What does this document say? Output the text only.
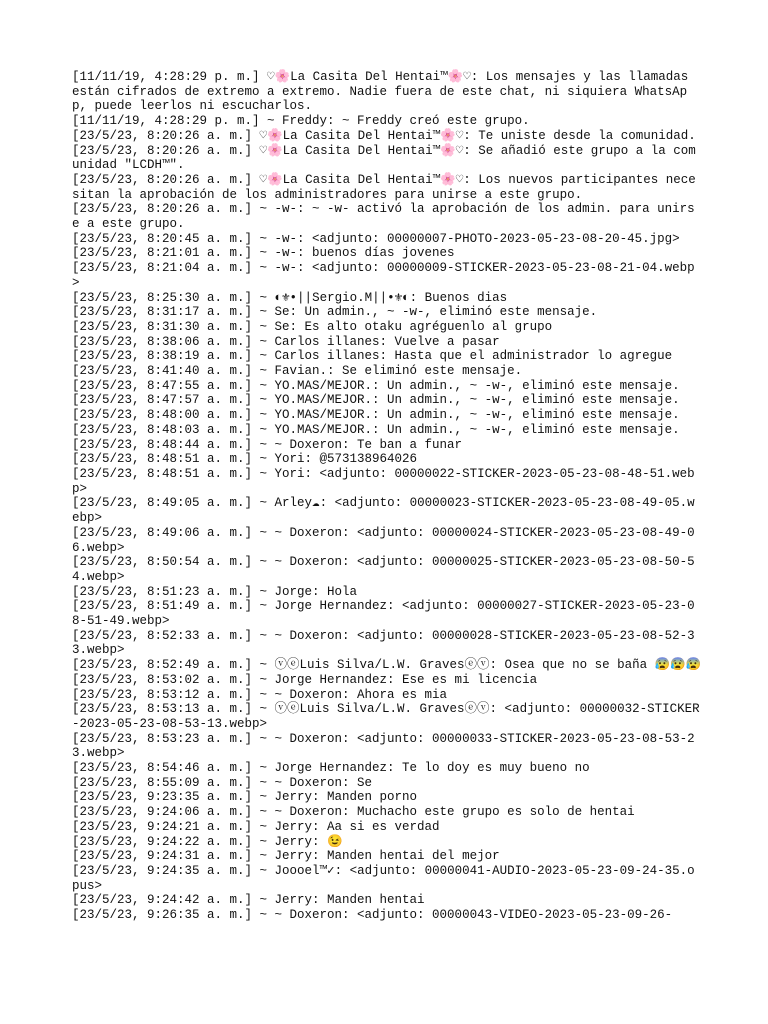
[11/11/19, 4:28:29 p. m.] ♡🌸La Casita Del Hentai™🌸♡: Los mensajes y las llamadas están cifrados de extremo a extremo. Nadie fuera de este chat, ni siquiera WhatsApp, puede leerlos ni escucharlos.

[11/11/19, 4:28:29 p. m.] ~ Freddy: ~ Freddy creó este grupo.

[23/5/23, 8:20:26 a. m.] ♡🌸La Casita Del Hentai™🌸♡: Te uniste desde la comunidad.

[23/5/23, 8:20:26 a. m.] ♡🌸La Casita Del Hentai™🌸♡: Se añadió este grupo a la comunidad "LCDH™".

[23/5/23, 8:20:26 a. m.] ♡🌸La Casita Del Hentai™🌸♡: Los nuevos participantes necesitan la aprobación de los administradores para unirse a este grupo.

[23/5/23, 8:20:26 a. m.] ~ -w-: ~ -w- activó la aprobación de los admin. para unirse a este grupo.

[23/5/23, 8:20:45 a. m.] ~ -w-: <adjunto: 00000007-PHOTO-2023-05-23-08-20-45.jpg>

[23/5/23, 8:21:01 a. m.] ~ -w-: buenos días jovenes

[23/5/23, 8:21:04 a. m.] ~ -w-: <adjunto: 00000009-STICKER-2023-05-23-08-21-04.webp>

[23/5/23, 8:25:30 a. m.] ~ ◐⚜•||Sergio.M||•⚜◐: Buenos dias

[23/5/23, 8:31:17 a. m.] ~ Se: Un admin., ~ -w-, eliminó este mensaje.

[23/5/23, 8:31:30 a. m.] ~ Se: Es alto otaku agréguenlo al grupo

[23/5/23, 8:38:06 a. m.] ~ Carlos illanes: Vuelve a pasar

[23/5/23, 8:38:19 a. m.] ~ Carlos illanes: Hasta que el administrador lo agregue

[23/5/23, 8:41:40 a. m.] ~ Favian.: Se eliminó este mensaje.

[23/5/23, 8:47:55 a. m.] ~ YO.MAS/MEJOR.: Un admin., ~ -w-, eliminó este mensaje.

[23/5/23, 8:47:57 a. m.] ~ YO.MAS/MEJOR.: Un admin., ~ -w-, eliminó este mensaje.

[23/5/23, 8:48:00 a. m.] ~ YO.MAS/MEJOR.: Un admin., ~ -w-, eliminó este mensaje.

[23/5/23, 8:48:03 a. m.] ~ YO.MAS/MEJOR.: Un admin., ~ -w-, eliminó este mensaje.

[23/5/23, 8:48:44 a. m.] ~ ~ Doxeron: Te ban a funar

[23/5/23, 8:48:51 a. m.] ~ Yori: @573138964026

[23/5/23, 8:48:51 a. m.] ~ Yori: <adjunto: 00000022-STICKER-2023-05-23-08-48-51.webp>

[23/5/23, 8:49:05 a. m.] ~ Arley☁: <adjunto: 00000023-STICKER-2023-05-23-08-49-05.webp>

[23/5/23, 8:49:06 a. m.] ~ ~ Doxeron: <adjunto: 00000024-STICKER-2023-05-23-08-49-06.webp>

[23/5/23, 8:50:54 a. m.] ~ ~ Doxeron: <adjunto: 00000025-STICKER-2023-05-23-08-50-54.webp>

[23/5/23, 8:51:23 a. m.] ~ Jorge: Hola

[23/5/23, 8:51:49 a. m.] ~ Jorge Hernandez: <adjunto: 00000027-STICKER-2023-05-23-08-51-49.webp>

[23/5/23, 8:52:33 a. m.] ~ ~ Doxeron: <adjunto: 00000028-STICKER-2023-05-23-08-52-33.webp>

[23/5/23, 8:52:49 a. m.] ~ ⓥⓔLuis Silva/L.W. Gravesⓔⓥ: Osea que no se baña 😰😰😰

[23/5/23, 8:53:02 a. m.] ~ Jorge Hernandez: Ese es mi licencia

[23/5/23, 8:53:12 a. m.] ~ ~ Doxeron: Ahora es mia

[23/5/23, 8:53:13 a. m.] ~ ⓥⓔLuis Silva/L.W. Gravesⓔⓥ: <adjunto: 00000032-STICKER-2023-05-23-08-53-13.webp>

[23/5/23, 8:53:23 a. m.] ~ ~ Doxeron: <adjunto: 00000033-STICKER-2023-05-23-08-53-23.webp>

[23/5/23, 8:54:46 a. m.] ~ Jorge Hernandez: Te lo doy es muy bueno no

[23/5/23, 8:55:09 a. m.] ~ ~ Doxeron: Se

[23/5/23, 9:23:35 a. m.] ~ Jerry: Manden porno

[23/5/23, 9:24:06 a. m.] ~ ~ Doxeron: Muchacho este grupo es solo de hentai

[23/5/23, 9:24:21 a. m.] ~ Jerry: Aa si es verdad

[23/5/23, 9:24:22 a. m.] ~ Jerry: 😉

[23/5/23, 9:24:31 a. m.] ~ Jerry: Manden hentai del mejor

[23/5/23, 9:24:35 a. m.] ~ Joooel™✓: <adjunto: 00000041-AUDIO-2023-05-23-09-24-35.opus>

[23/5/23, 9:24:42 a. m.] ~ Jerry: Manden hentai

[23/5/23, 9:26:35 a. m.] ~ ~ Doxeron: <adjunto: 00000043-VIDEO-2023-05-23-09-26-
